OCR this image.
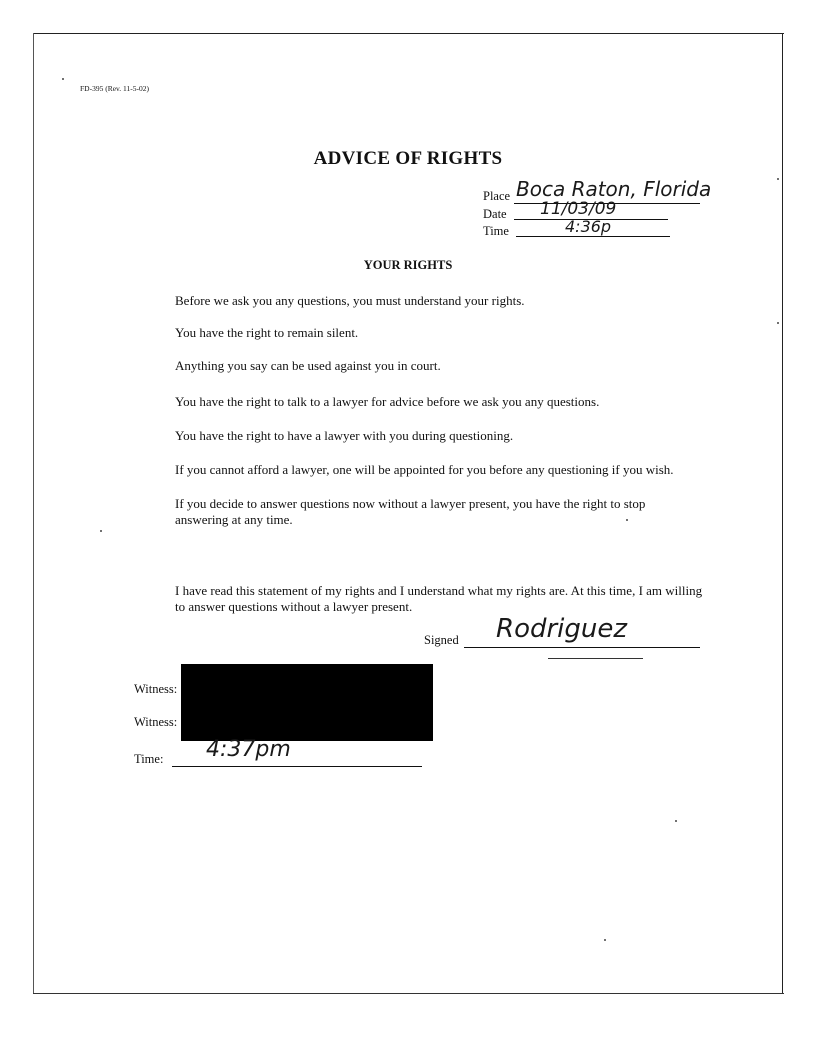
FD-395 (Rev. 11-5-02)
ADVICE OF RIGHTS
Place Boca Raton, Florida
Date 11/03/09
Time	4:36p
YOUR RIGHTS
Before we ask you any questions, you must understand your rights.
You have the right to remain silent.
Anything you say can be used against you in court.
You have the right to talk to a lawyer for advice before we ask you any questions.
You have the right to have a lawyer with you during questioning.
If you cannot afford a lawyer, one will be appointed for you before any questioning if you wish.
If you decide to answer questions now without a lawyer present, you have the right to stop answering at any time.
I have read this statement of my rights and I understand what my rights are. At this time, I am willing to answer questions without a lawyer present.
Signed Rodriguez
Witness:
Witness:
Time: 4:37pm
